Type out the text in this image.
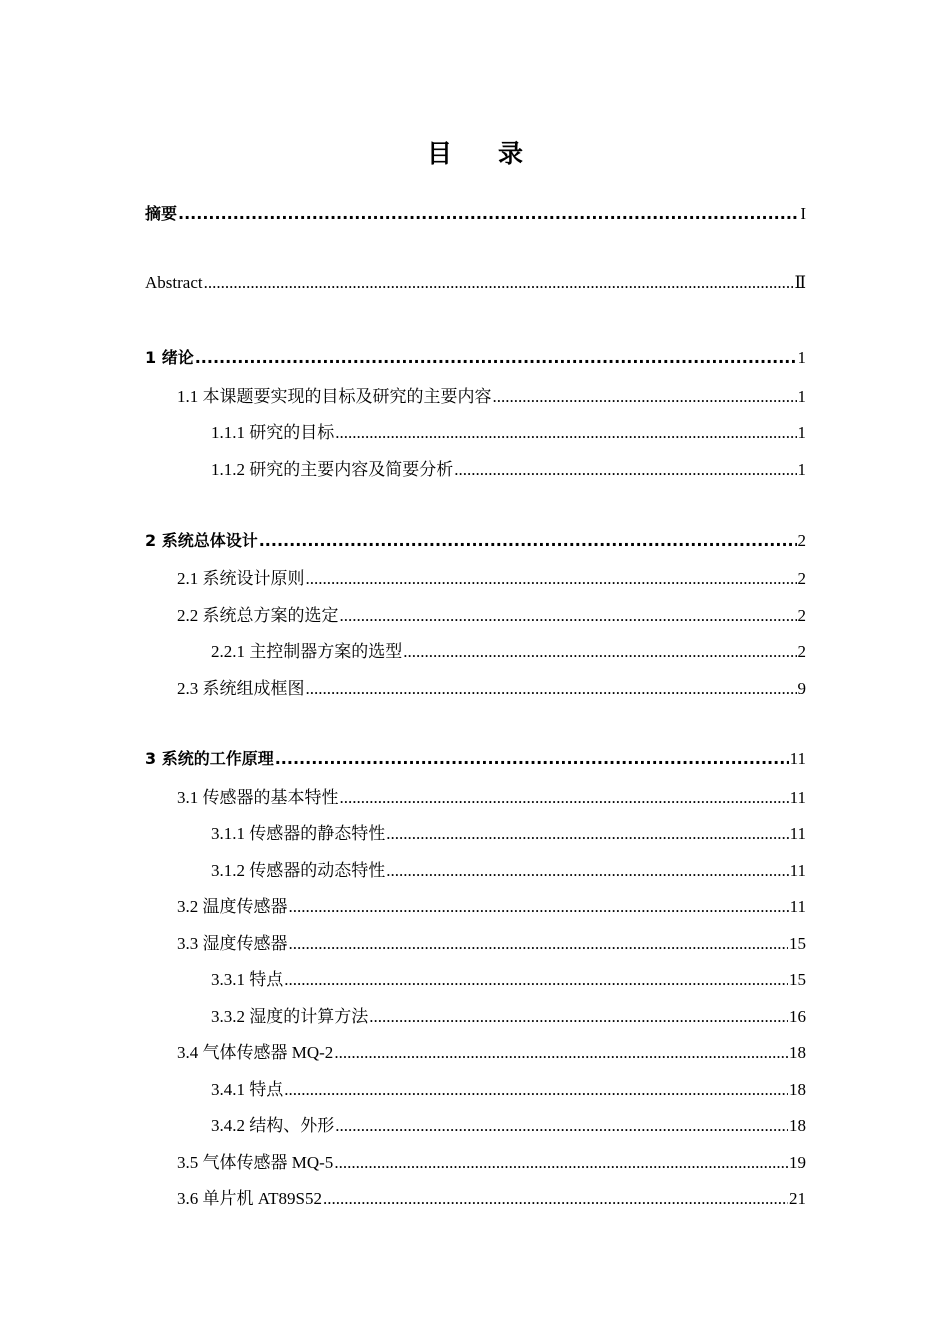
目录
摘要 .....	I
Abstract .....	Ⅱ
1 绪论 .....	1
1.1 本课题要实现的目标及研究的主要内容 .....	1
1.1.1 研究的目标 .....	1
1.1.2 研究的主要内容及简要分析 .....	1
2 系统总体设计 .....	2
2.1 系统设计原则 .....	2
2.2 系统总方案的选定 .....	2
2.2.1 主控制器方案的选型 .....	2
2.3 系统组成框图 .....	9
3 系统的工作原理 .....	11
3.1 传感器的基本特性 .....	11
3.1.1 传感器的静态特性 .....	11
3.1.2 传感器的动态特性 .....	11
3.2 温度传感器 .....	11
3.3 湿度传感器 .....	15
3.3.1 特点 .....	15
3.3.2 湿度的计算方法 .....	16
3.4 气体传感器 MQ-2 .....	18
3.4.1 特点 .....	18
3.4.2 结构、外形 .....	18
3.5 气体传感器 MQ-5 .....	19
3.6 单片机 AT89S52 .....	21
